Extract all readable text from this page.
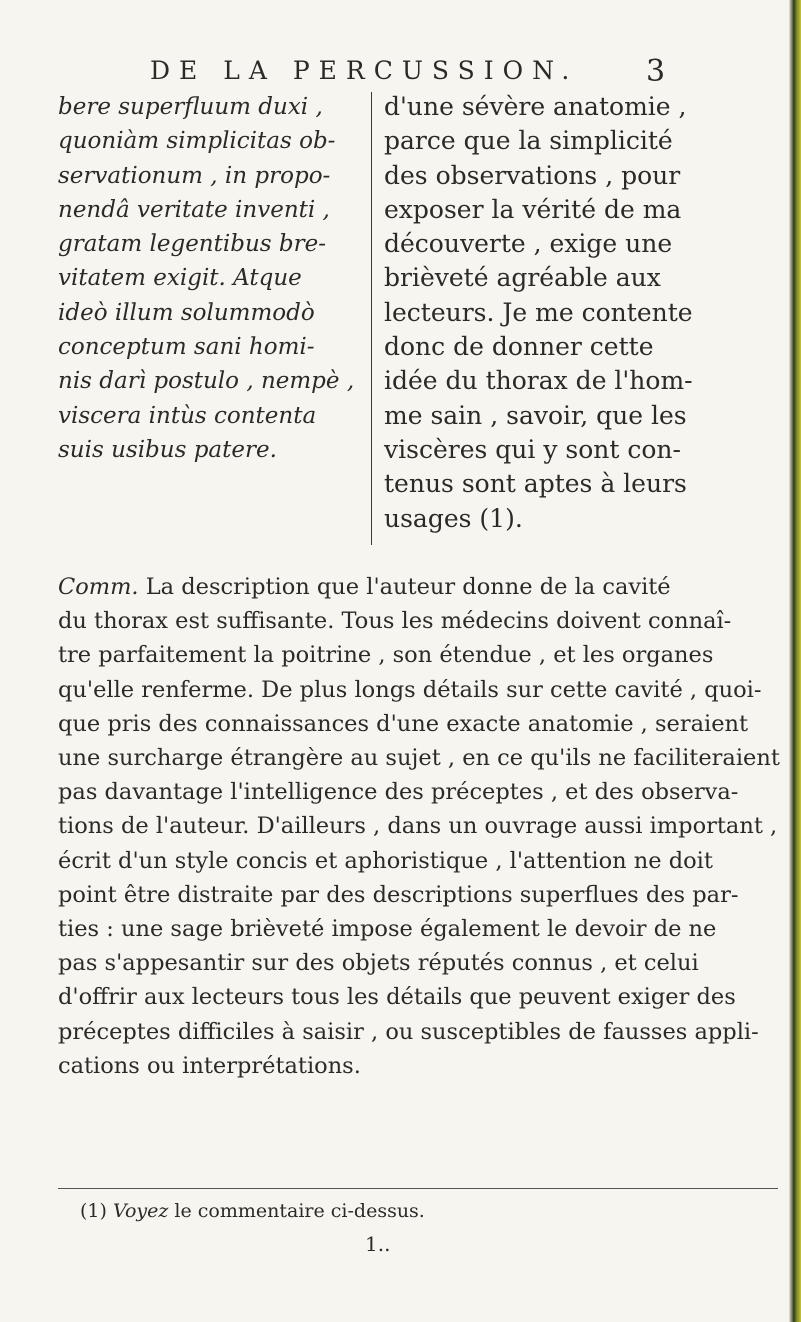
DE LA PERCUSSION.	3
bere superfluum duxi ,
quoniàm simplicitas ob-
servationum , in propo-
nendâ veritate inventi ,
gratam legentibus bre-
vitatem exigit. Atque
ideò illum solummodò
conceptum sani homi-
nis darì postulo , nempè ,
viscera intùs contenta
suis usibus patere.
d'une sévère anatomie ,
parce que la simplicité
des observations , pour
exposer la vérité de ma
découverte , exige une
brièveté agréable aux
lecteurs. Je me contente
donc de donner cette
idée du thorax de l'hom-
me sain , savoir, que les
viscères qui y sont con-
tenus sont aptes à leurs
usages (1).
Comm. La description que l'auteur donne de la cavité
du thorax est suffisante. Tous les médecins doivent connaî-
tre parfaitement la poitrine , son étendue , et les organes
qu'elle renferme. De plus longs détails sur cette cavité , quoi-
que pris des connaissances d'une exacte anatomie , seraient
une surcharge étrangère au sujet , en ce qu'ils ne faciliteraient
pas davantage l'intelligence des préceptes , et des observa-
tions de l'auteur. D'ailleurs , dans un ouvrage aussi important ,
écrit d'un style concis et aphoristique , l'attention ne doit
point être distraite par des descriptions superflues des par-
ties : une sage brièveté impose également le devoir de ne
pas s'appesantir sur des objets réputés connus , et celui
d'offrir aux lecteurs tous les détails que peuvent exiger des
préceptes difficiles à saisir , ou susceptibles de fausses appli-
cations ou interprétations.
(1) Voyez le commentaire ci-dessus.
1..
